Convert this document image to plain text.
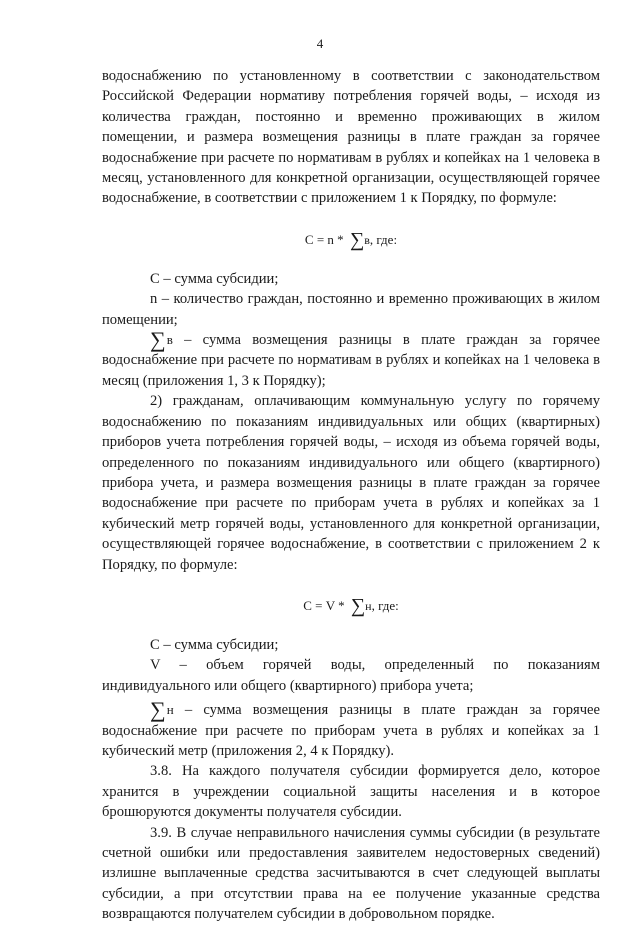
4

водоснабжению по установленному в соответствии с законодательством Российской Федерации нормативу потребления горячей воды, – исходя из количества граждан, постоянно и временно проживающих в жилом помещении, и размера возмещения разницы в плате граждан за горячее водоснабжение при расчете по нормативам в рублях и копейках на 1 человека в месяц, установленного для конкретной организации, осуществляющей горячее водоснабжение, в соответствии с приложением 1 к Порядку, по формуле:

С = n * ∑в, где:

С – сумма субсидии;

n – количество граждан, постоянно и временно проживающих в жилом помещении;

∑в – сумма возмещения разницы в плате граждан за горячее водоснабжение при расчете по нормативам в рублях и копейках на 1 человека в месяц (приложения 1, 3 к Порядку);

2) гражданам, оплачивающим коммунальную услугу по горячему водоснабжению по показаниям индивидуальных или общих (квартирных) приборов учета потребления горячей воды, – исходя из объема горячей воды, определенного по показаниям индивидуального или общего (квартирного) прибора учета, и размера возмещения разницы в плате граждан за горячее водоснабжение при расчете по приборам учета в рублях и копейках за 1 кубический метр горячей воды, установленного для конкретной организации, осуществляющей горячее водоснабжение, в соответствии с приложением 2 к Порядку, по формуле:

С = V * ∑н, где:

С – сумма субсидии;

V – объем горячей воды, определенный по показаниям индивидуального или общего (квартирного) прибора учета;

∑н – сумма возмещения разницы в плате граждан за горячее водоснабжение при расчете по приборам учета в рублях и копейках за 1 кубический метр (приложения 2, 4 к Порядку).

3.8. На каждого получателя субсидии формируется дело, которое хранится в учреждении социальной защиты населения и в которое брошюруются документы получателя субсидии.

3.9. В случае неправильного начисления суммы субсидии (в результате счетной ошибки или предоставления заявителем недостоверных сведений) излишне выплаченные средства засчитываются в счет следующей выплаты субсидии, а при отсутствии права на ее получение указанные средства возвращаются получателем субсидии в добровольном порядке.
